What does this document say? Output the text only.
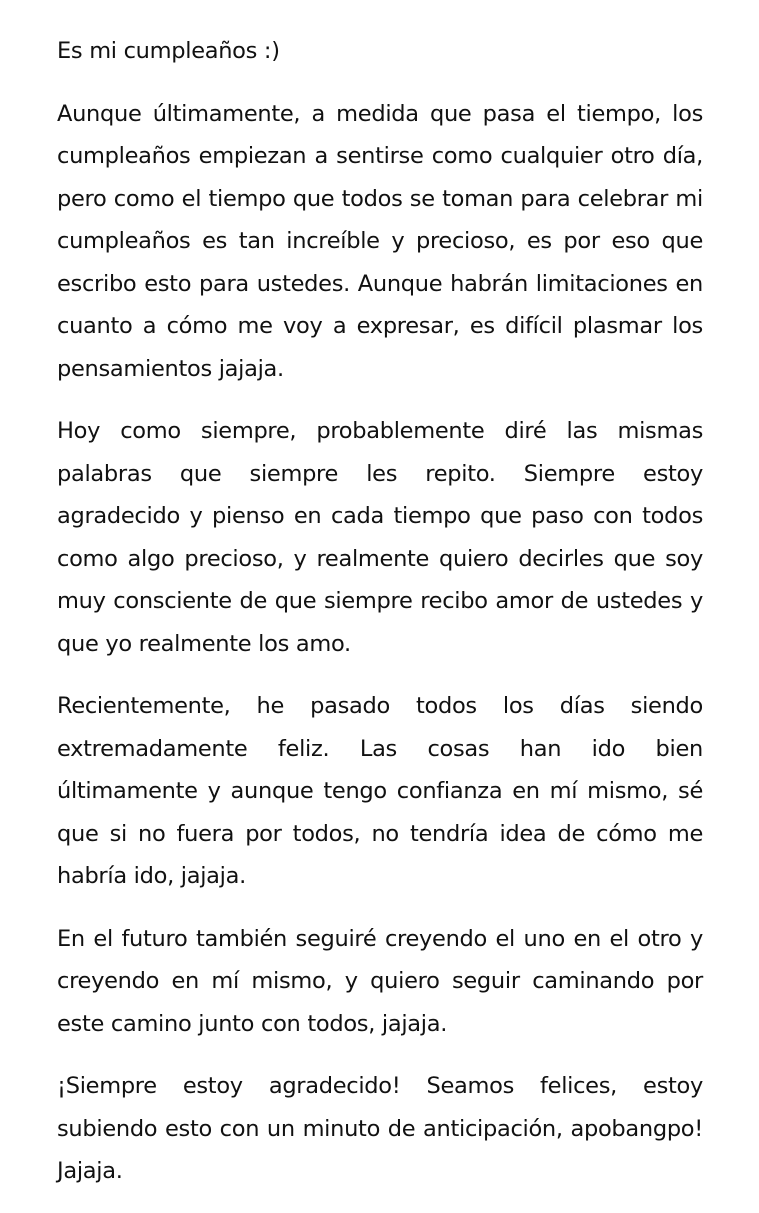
Es mi cumpleaños :)

Aunque últimamente, a medida que pasa el tiempo, los cumpleaños empiezan a sentirse como cualquier otro día, pero como el tiempo que todos se toman para celebrar mi cumpleaños es tan increíble y precioso, es por eso que escribo esto para ustedes. Aunque habrán limitaciones en cuanto a cómo me voy a expresar, es difícil plasmar los pensamientos jajaja.

Hoy como siempre, probablemente diré las mismas palabras que siempre les repito. Siempre estoy agradecido y pienso en cada tiempo que paso con todos como algo precioso, y realmente quiero decirles que soy muy consciente de que siempre recibo amor de ustedes y que yo realmente los amo.

Recientemente, he pasado todos los días siendo extremadamente feliz. Las cosas han ido bien últimamente y aunque tengo confianza en mí mismo, sé que si no fuera por todos, no tendría idea de cómo me habría ido, jajaja.

En el futuro también seguiré creyendo el uno en el otro y creyendo en mí mismo, y quiero seguir caminando por este camino junto con todos, jajaja.

¡Siempre estoy agradecido! Seamos felices, estoy subiendo esto con un minuto de anticipación, apobangpo! Jajaja.
